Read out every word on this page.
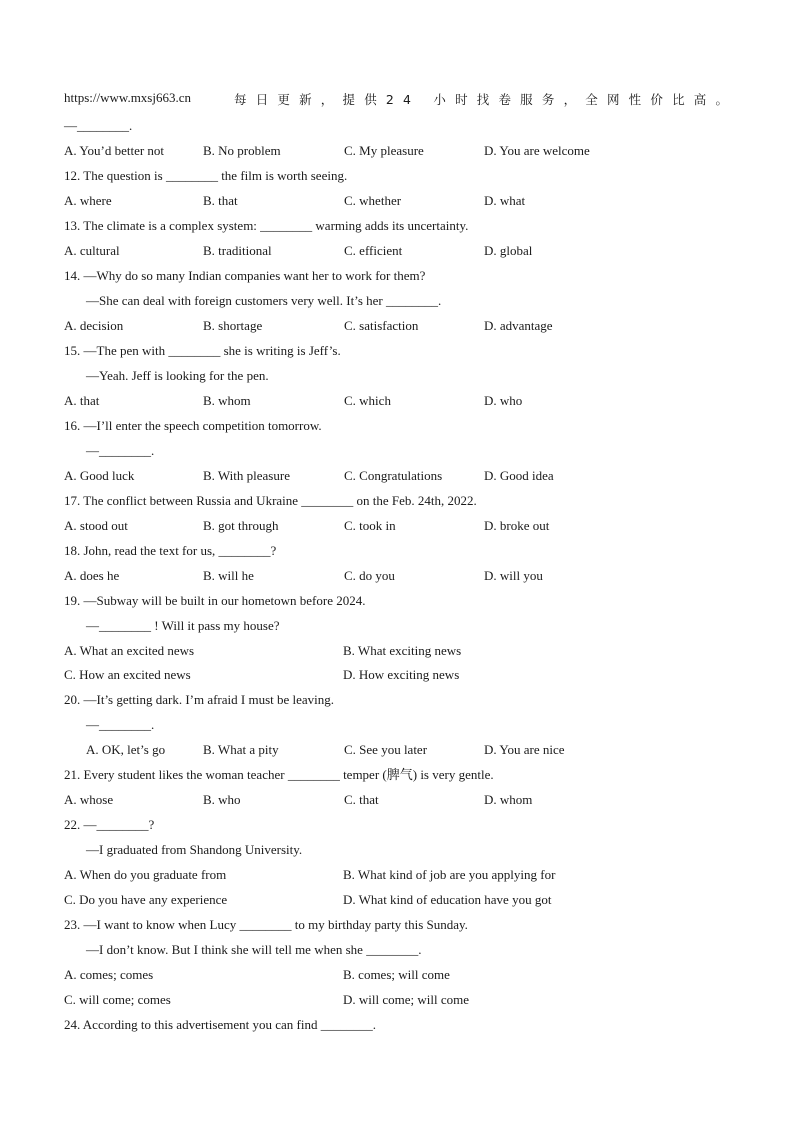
https://www.mxsj663.cn	每日更新，提供24 小时找卷服务，全网性价比高。
—________.
A. You’d better not	B. No problem	C. My pleasure	D. You are welcome
12. The question is ________ the film is worth seeing.
A. where	B. that	C. whether	D. what
13. The climate is a complex system: ________ warming adds its uncertainty.
A. cultural	B. traditional	C. efficient	D. global
14. —Why do so many Indian companies want her to work for them?
—She can deal with foreign customers very well. It’s her ________.
A. decision	B. shortage	C. satisfaction	D. advantage
15. —The pen with ________ she is writing is Jeff’s.
—Yeah. Jeff is looking for the pen.
A. that	B. whom	C. which	D. who
16. —I’ll enter the speech competition tomorrow.
—________.
A. Good luck	B. With pleasure	C. Congratulations	D. Good idea
17. The conflict between Russia and Ukraine ________ on the Feb. 24th, 2022.
A. stood out	B. got through	C. took in	D. broke out
18. John, read the text for us, ________?
A. does he	B. will he	C. do you	D. will you
19. —Subway will be built in our hometown before 2024.
—________ ! Will it pass my house?
A. What an excited news	B. What exciting news
C. How an excited news	D. How exciting news
20. —It’s getting dark. I’m afraid I must be leaving.
—________.
A. OK, let’s go	B. What a pity	C. See you later	D. You are nice
21. Every student likes the woman teacher ________ temper (脾气) is very gentle.
A. whose	B. who	C. that	D. whom
22. —________?
—I graduated from Shandong University.
A. When do you graduate from	B. What kind of job are you applying for
C. Do you have any experience	D. What kind of education have you got
23. —I want to know when Lucy ________ to my birthday party this Sunday.
—I don’t know. But I think she will tell me when she ________.
A. comes; comes	B. comes; will come
C. will come; comes	D. will come; will come
24. According to this advertisement you can find ________.
